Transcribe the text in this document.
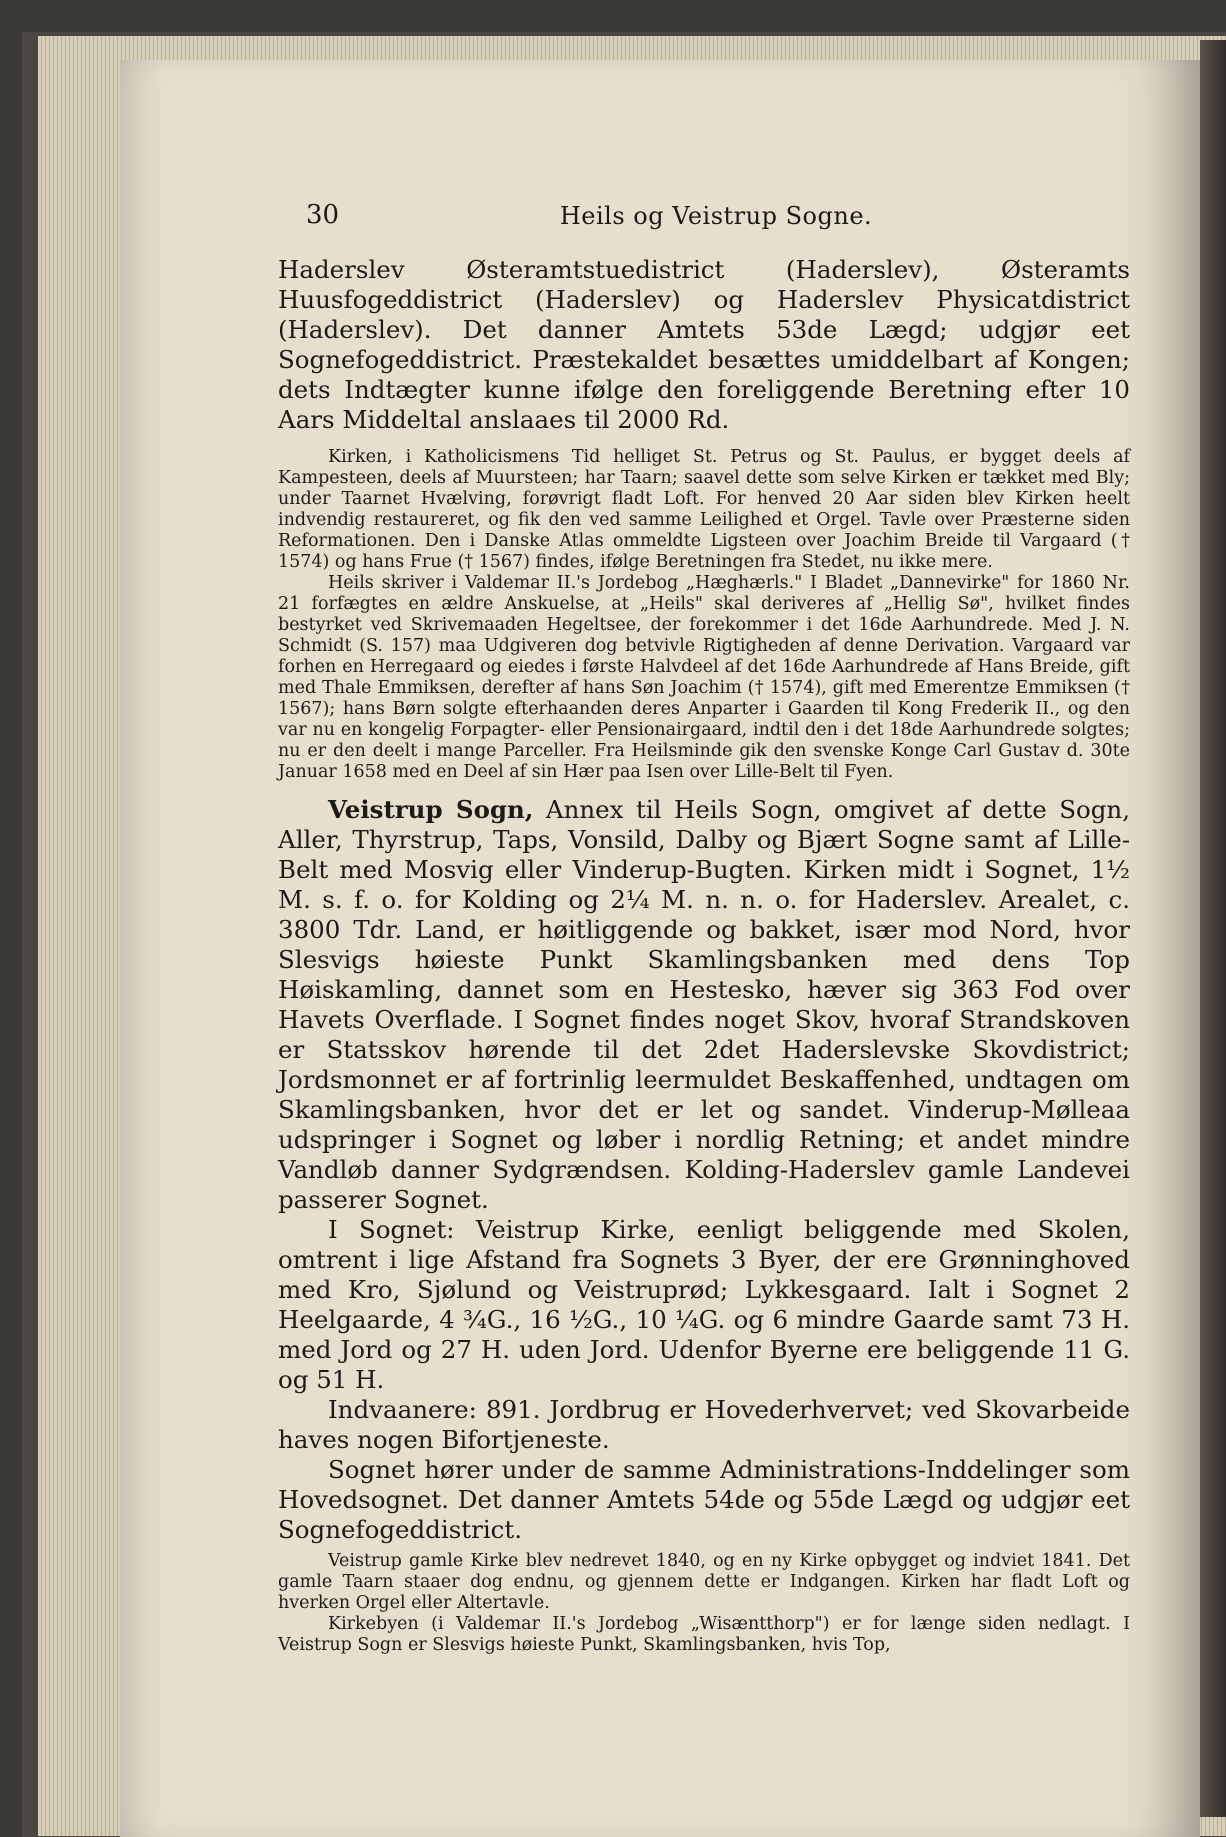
30	Heils og Veistrup Sogne.

Haderslev Østeramtstuedistrict (Haderslev), Østeramts Huusfogeddistrict (Haderslev) og Haderslev Physicatdistrict (Haderslev). Det danner Amtets 53de Lægd; udgjør eet Sognefogeddistrict. Præstekaldet besættes umiddelbart af Kongen; dets Indtægter kunne ifølge den foreliggende Beretning efter 10 Aars Middeltal anslaaes til 2000 Rd.

Kirken, i Katholicismens Tid helliget St. Petrus og St. Paulus, er bygget deels af Kampesteen, deels af Muursteen; har Taarn; saavel dette som selve Kirken er tækket med Bly; under Taarnet Hvælving, forøvrigt fladt Loft. For henved 20 Aar siden blev Kirken heelt indvendig restaureret, og fik den ved samme Leilighed et Orgel. Tavle over Præsterne siden Reformationen. Den i Danske Atlas ommeldte Ligsteen over Joachim Breide til Vargaard († 1574) og hans Frue († 1567) findes, ifølge Beretningen fra Stedet, nu ikke mere.

Heils skriver i Valdemar II.'s Jordebog „Hæghærls." I Bladet „Dannevirke" for 1860 Nr. 21 forfægtes en ældre Anskuelse, at „Heils" skal deriveres af „Hellig Sø", hvilket findes bestyrket ved Skrivemaaden Hegeltsee, der forekommer i det 16de Aarhundrede. Med J. N. Schmidt (S. 157) maa Udgiveren dog betvivle Rigtigheden af denne Derivation. Vargaard var forhen en Herregaard og eiedes i første Halvdeel af det 16de Aarhundrede af Hans Breide, gift med Thale Emmiksen, derefter af hans Søn Joachim († 1574), gift med Emerentze Emmiksen († 1567); hans Børn solgte efterhaanden deres Anparter i Gaarden til Kong Frederik II., og den var nu en kongelig Forpagter- eller Pensionairgaard, indtil den i det 18de Aarhundrede solgtes; nu er den deelt i mange Parceller. Fra Heilsminde gik den svenske Konge Carl Gustav d. 30te Januar 1658 med en Deel af sin Hær paa Isen over Lille-Belt til Fyen.

Veistrup Sogn, Annex til Heils Sogn, omgivet af dette Sogn, Aller, Thyrstrup, Taps, Vonsild, Dalby og Bjært Sogne samt af Lille-Belt med Mosvig eller Vinderup-Bugten. Kirken midt i Sognet, 1½ M. s. f. o. for Kolding og 2¼ M. n. n. o. for Haderslev. Arealet, c. 3800 Tdr. Land, er høitliggende og bakket, især mod Nord, hvor Slesvigs høieste Punkt Skamlingsbanken med dens Top Høiskamling, dannet som en Hestesko, hæver sig 363 Fod over Havets Overflade. I Sognet findes noget Skov, hvoraf Strandskoven er Statsskov hørende til det 2det Haderslevske Skovdistrict; Jordsmonnet er af fortrinlig leermuldet Beskaffenhed, undtagen om Skamlingsbanken, hvor det er let og sandet. Vinderup-Mølleaa udspringer i Sognet og løber i nordlig Retning; et andet mindre Vandløb danner Sydgrændsen. Kolding-Haderslev gamle Landevei passerer Sognet.

I Sognet: Veistrup Kirke, eenligt beliggende med Skolen, omtrent i lige Afstand fra Sognets 3 Byer, der ere Grønninghoved med Kro, Sjølund og Veistruprød; Lykkesgaard. Ialt i Sognet 2 Heelgaarde, 4 ¾G., 16 ½G., 10 ¼G. og 6 mindre Gaarde samt 73 H. med Jord og 27 H. uden Jord. Udenfor Byerne ere beliggende 11 G. og 51 H.

Indvaanere: 891. Jordbrug er Hovederhvervet; ved Skovarbeide haves nogen Bifortjeneste.

Sognet hører under de samme Administrations-Inddelinger som Hovedsognet. Det danner Amtets 54de og 55de Lægd og udgjør eet Sognefogeddistrict.

Veistrup gamle Kirke blev nedrevet 1840, og en ny Kirke opbygget og indviet 1841. Det gamle Taarn staaer dog endnu, og gjennem dette er Indgangen. Kirken har fladt Loft og hverken Orgel eller Altertavle.

Kirkebyen (i Valdemar II.'s Jordebog „Wisæntthorp") er for længe siden nedlagt. I Veistrup Sogn er Slesvigs høieste Punkt, Skamlingsbanken, hvis Top,
